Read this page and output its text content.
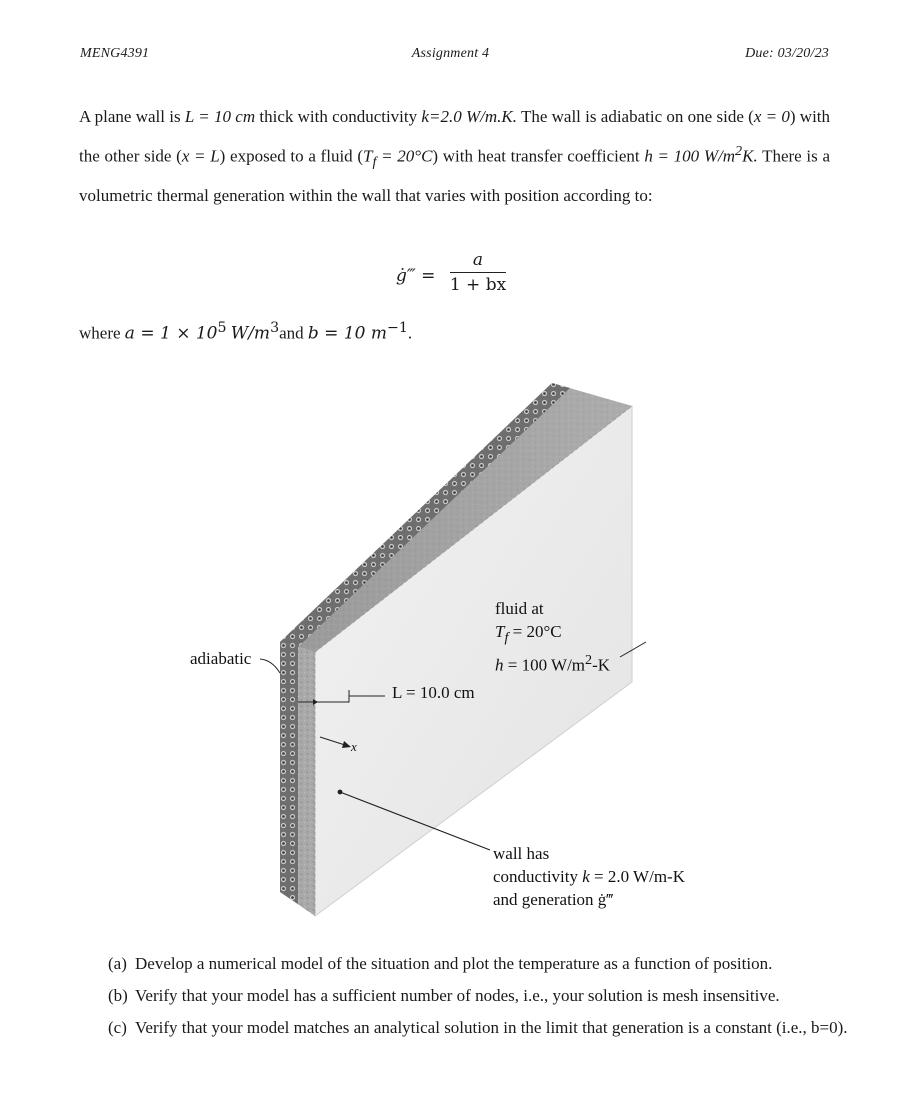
MENG4391	Assignment 4	Due: 03/20/23
A plane wall is L = 10 cm thick with conductivity k=2.0 W/m.K. The wall is adiabatic on one side (x = 0) with the other side (x = L) exposed to a fluid $(T_f = 20^\circ C)$ with heat transfer coefficient h = 100 $W/m^2K$. There is a volumetric thermal generation within the wall that varies with position according to:
ġ‴ =
a
1 + bx
where $a = 1 \times 10^5$ $W/m^3and$ b = 10 $m^{-1}$.
adiabatic
fluid at
$T_f = 20^\circ C$
h = 100 $W/m^2-K$
L = 10.0 cm
x
wall has
conductivity k = 2.0 W/m-K
and generation ġ‴
(a) Develop a numerical model of the situation and plot the temperature as a function of position.
(b) Verify that your model has a sufficient number of nodes, i.e., your solution is mesh insensitive.
(c) Verify that your model matches an analytical solution in the limit that generation is a constant (i.e., b=0).
